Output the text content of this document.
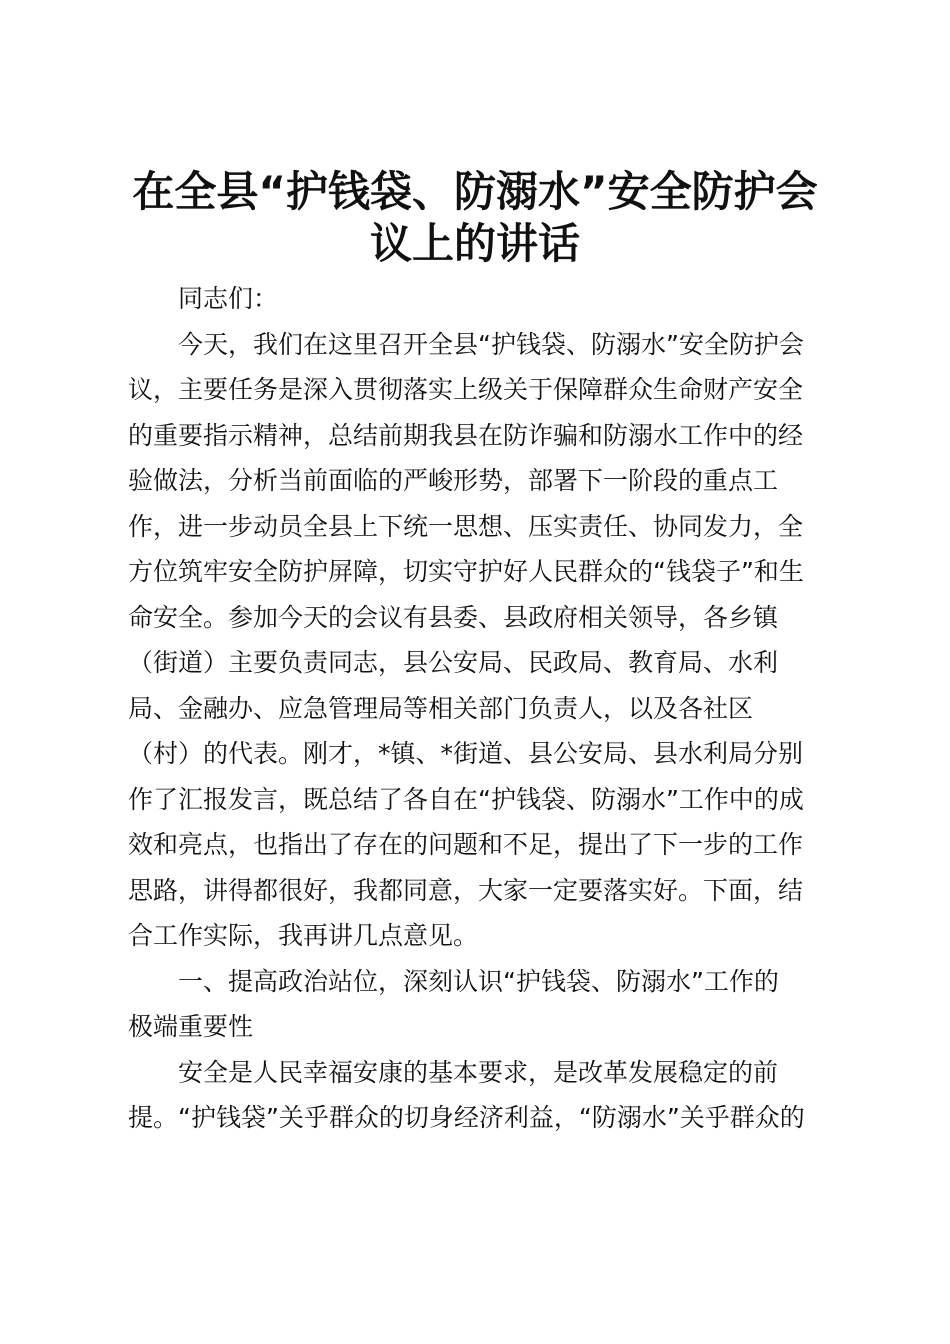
在全县“护钱袋、防溺水”安全防护会
议上的讲话
同志们：
今天，我们在这里召开全县“护钱袋、防溺水”安全防护会
议，主要任务是深入贯彻落实上级关于保障群众生命财产安全
的重要指示精神，总结前期我县在防诈骗和防溺水工作中的经
验做法，分析当前面临的严峻形势，部署下一阶段的重点工
作，进一步动员全县上下统一思想、压实责任、协同发力，全
方位筑牢安全防护屏障，切实守护好人民群众的“钱袋子”和生
命安全。参加今天的会议有县委、县政府相关领导，各乡镇
（街道）主要负责同志，县公安局、民政局、教育局、水利
局、金融办、应急管理局等相关部门负责人，以及各社区
（村）的代表。刚才，*镇、*街道、县公安局、县水利局分别
作了汇报发言，既总结了各自在“护钱袋、防溺水”工作中的成
效和亮点，也指出了存在的问题和不足，提出了下一步的工作
思路，讲得都很好，我都同意，大家一定要落实好。下面，结
合工作实际，我再讲几点意见。
一、提高政治站位，深刻认识“护钱袋、防溺水”工作的
极端重要性
安全是人民幸福安康的基本要求，是改革发展稳定的前
提。“护钱袋”关乎群众的切身经济利益，“防溺水”关乎群众的
